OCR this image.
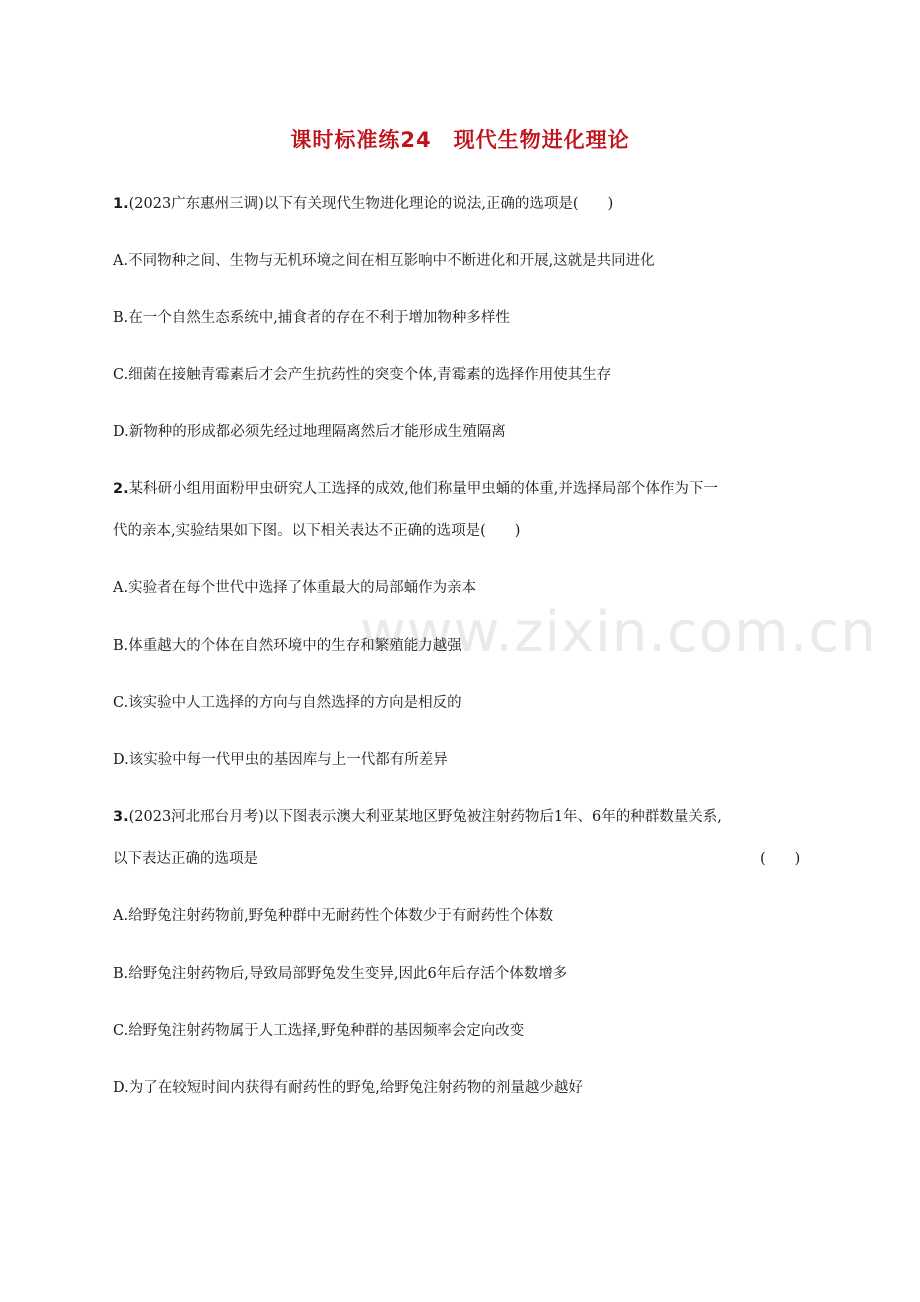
课时标准练24　现代生物进化理论
www.zixin.com.cn
1.(2023广东惠州三调)以下有关现代生物进化理论的说法,正确的选项是(　　)
A.不同物种之间、生物与无机环境之间在相互影响中不断进化和开展,这就是共同进化
B.在一个自然生态系统中,捕食者的存在不利于增加物种多样性
C.细菌在接触青霉素后才会产生抗药性的突变个体,青霉素的选择作用使其生存
D.新物种的形成都必须先经过地理隔离然后才能形成生殖隔离
2.某科研小组用面粉甲虫研究人工选择的成效,他们称量甲虫蛹的体重,并选择局部个体作为下一
代的亲本,实验结果如下图。以下相关表达不正确的选项是(　　)
A.实验者在每个世代中选择了体重最大的局部蛹作为亲本
B.体重越大的个体在自然环境中的生存和繁殖能力越强
C.该实验中人工选择的方向与自然选择的方向是相反的
D.该实验中每一代甲虫的基因库与上一代都有所差异
3.(2023河北邢台月考)以下图表示澳大利亚某地区野兔被注射药物后1年、6年的种群数量关系,
以下表达正确的选项是	(　　)
A.给野兔注射药物前,野兔种群中无耐药性个体数少于有耐药性个体数
B.给野兔注射药物后,导致局部野兔发生变异,因此6年后存活个体数增多
C.给野兔注射药物属于人工选择,野兔种群的基因频率会定向改变
D.为了在较短时间内获得有耐药性的野兔,给野兔注射药物的剂量越少越好
